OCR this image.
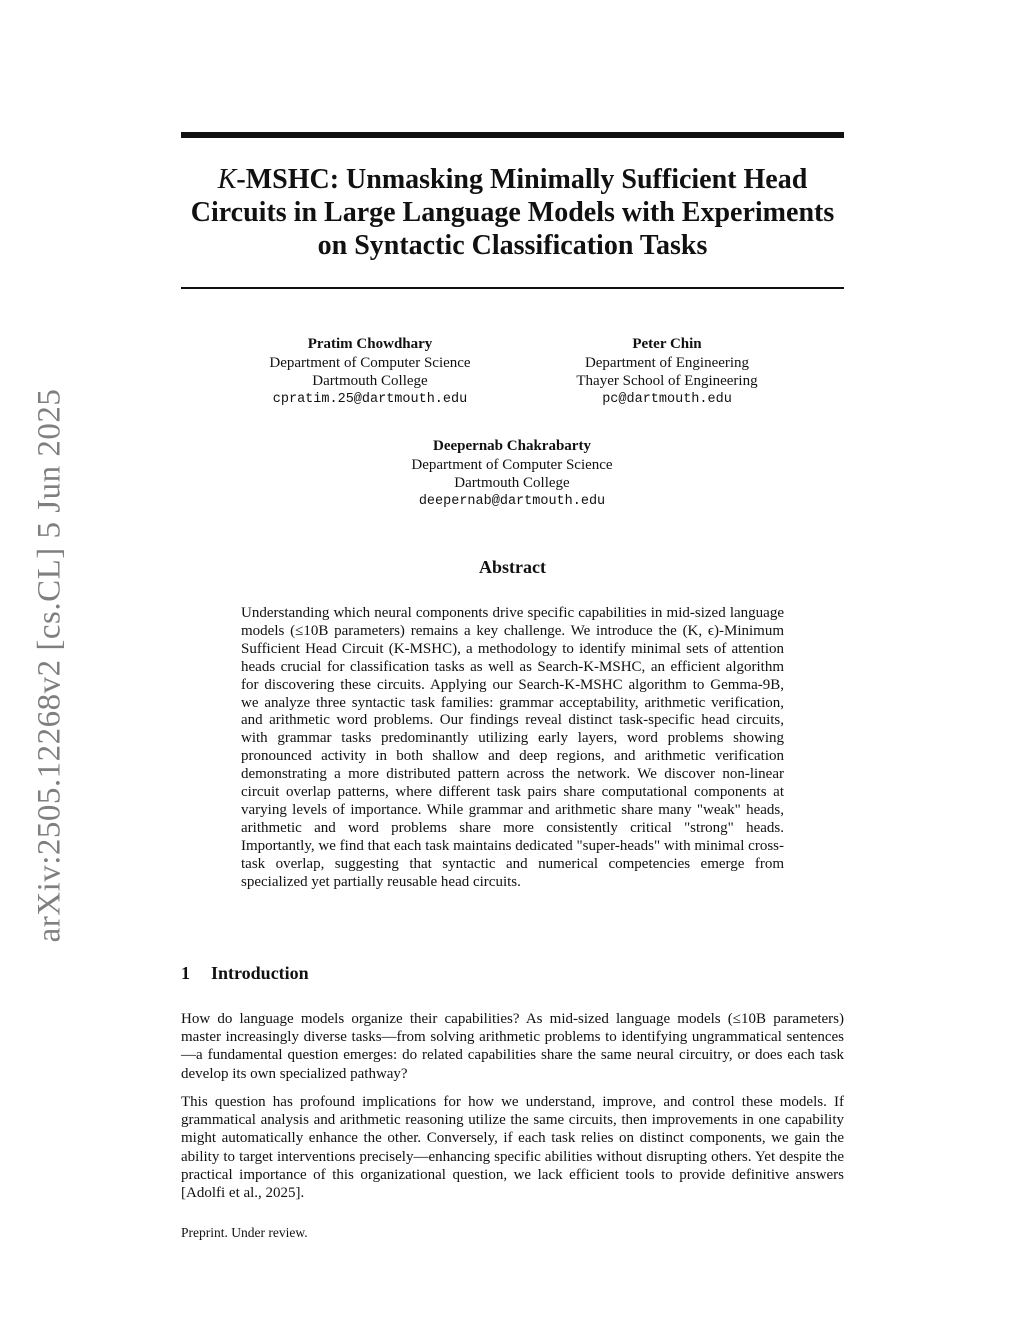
arXiv:2505.12268v2 [cs.CL] 5 Jun 2025
K-MSHC: Unmasking Minimally Sufficient Head
Circuits in Large Language Models with Experiments
on Syntactic Classification Tasks
Pratim Chowdhary
Department of Computer Science
Dartmouth College
cpratim.25@dartmouth.edu
Peter Chin
Department of Engineering
Thayer School of Engineering
pc@dartmouth.edu
Deepernab Chakrabarty
Department of Computer Science
Dartmouth College
deepernab@dartmouth.edu
Abstract

Understanding which neural components drive specific capabilities in mid-sized language models (≤10B parameters) remains a key challenge. We introduce the (K, ϵ)-Minimum Sufficient Head Circuit (K-MSHC), a methodology to identify minimal sets of attention heads crucial for classification tasks as well as Search-K-MSHC, an efficient algorithm for discovering these circuits. Applying our Search-K-MSHC algorithm to Gemma-9B, we analyze three syntactic task families: grammar acceptability, arithmetic verification, and arithmetic word problems. Our findings reveal distinct task-specific head circuits, with grammar tasks predominantly utilizing early layers, word problems showing pronounced activity in both shallow and deep regions, and arithmetic verification demonstrating a more distributed pattern across the network. We discover non-linear circuit overlap patterns, where different task pairs share computational components at varying levels of importance. While grammar and arithmetic share many "weak" heads, arithmetic and word problems share more consistently critical "strong" heads. Importantly, we find that each task maintains dedicated "super-heads" with minimal cross-task overlap, suggesting that syntactic and numerical competencies emerge from specialized yet partially reusable head circuits.

1 Introduction

How do language models organize their capabilities? As mid-sized language models (≤10B parameters) master increasingly diverse tasks—from solving arithmetic problems to identifying ungrammatical sentences—a fundamental question emerges: do related capabilities share the same neural circuitry, or does each task develop its own specialized pathway?

This question has profound implications for how we understand, improve, and control these models. If grammatical analysis and arithmetic reasoning utilize the same circuits, then improvements in one capability might automatically enhance the other. Conversely, if each task relies on distinct components, we gain the ability to target interventions precisely—enhancing specific abilities without disrupting others. Yet despite the practical importance of this organizational question, we lack efficient tools to provide definitive answers [Adolfi et al., 2025].

Preprint. Under review.
